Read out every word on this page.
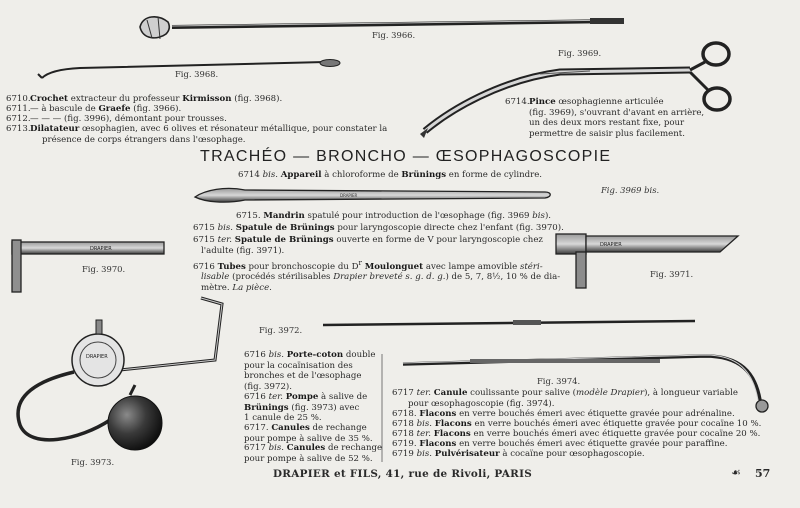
DRAPIER
DRAPIER
DRAPIER
DRAPIER
Fig. 3966.
Fig. 3968.
Fig. 3969.
Fig. 3969 bis.
Fig. 3970.	Fig. 3971.
Fig. 3972.
Fig. 3973.
Fig. 3974.
6710.Crochet extracteur du professeur Kirmisson (fig. 3968).
6711.— à bascule de Graefe (fig. 3966).
6712.— — — (fig. 3996), démontant pour trousses.
6713.Dilatateur œsophagien, avec 6 olives et résonateur métallique, pour constater la
présence de corps étrangers dans l'œsophage.
6714.Pince œsophagienne articulée
(fig. 3969), s'ouvrant d'avant en arrière,
un des deux mors restant fixe, pour
permettre de saisir plus facilement.
TRACHÉO — BRONCHO — ŒSOPHAGOSCOPIE
6714 bis. Appareil à chloroforme de Brünings en forme de cylindre.
6715. Mandrin spatulé pour introduction de l'œsophage (fig. 3969 bis).
6715 bis. Spatule de Brünings pour laryngoscopie directe chez l'enfant (fig. 3970).
6715 ter. Spatule de Brünings ouverte en forme de V pour laryngoscopie chez
l'adulte (fig. 3971).
6716 Tubes pour bronchoscopie du $D^r$ Moulonguet avec lampe amovible stéri-
lisable (procédés stérilisables Drapier breveté s. g. d. g.) de 5, 7, 8½, 10 % de dia-
mètre. La pièce.
6716 bis. Porte-coton double
pour la cocaïnisation des
bronches et de l'œsophage
(fig. 3972).
6716 ter. Pompe à salive de
Brünings (fig. 3973) avec
1 canule de 25 %.
6717. Canules de rechange
pour pompe à salive de 35 %.
6717 bis. Canules de rechange
pour pompe à salive de 52 %.
6717 ter. Canule coulissante pour salive (modèle Drapier), à longueur variable
pour œsophagoscopie (fig. 3974).
6718. Flacons en verre bouchés émeri avec étiquette gravée pour adrénaline.
6718 bis. Flacons en verre bouchés émeri avec étiquette gravée pour cocaïne 10 %.
6718 ter. Flacons en verre bouchés émeri avec étiquette gravée pour cocaïne 20 %.
6719. Flacons en verre bouchés émeri avec étiquette gravée pour paraffine.
6719 bis. Pulvérisateur à cocaïne pour œsophagoscopie.
DRAPIER et FILS, 41, rue de Rivoli, PARIS	☙ 57
